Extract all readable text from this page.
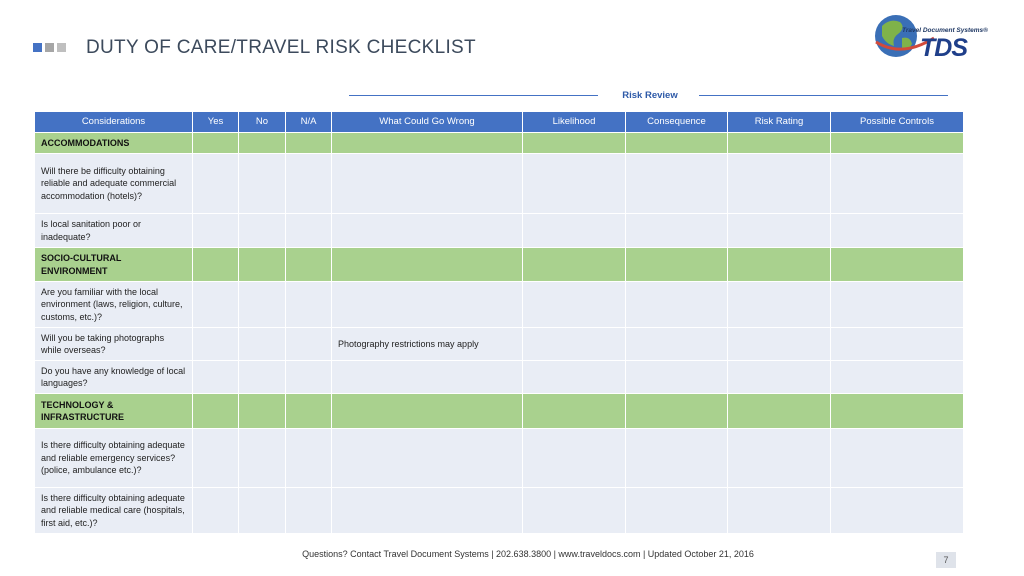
DUTY OF CARE/TRAVEL RISK CHECKLIST
Travel Document Systems®
TDS
Risk Review
Considerations	Yes	No	N/A	What Could Go Wrong	Likelihood	Consequence	Risk Rating	Possible Controls
ACCOMMODATIONS								
Will there be difficulty obtaining reliable and adequate commercial accommodation (hotels)?								
Is local sanitation poor or inadequate?								
SOCIO-CULTURAL ENVIRONMENT								
Are you familiar with the local environment (laws, religion, culture, customs, etc.)?								
Will you be taking photographs while overseas?				Photography restrictions may apply				
Do you have any knowledge of local languages?								
TECHNOLOGY & INFRASTRUCTURE								
Is there difficulty obtaining adequate and reliable emergency services? (police, ambulance etc.)?								
Is there difficulty obtaining adequate and reliable medical care (hospitals, first aid, etc.)?								
Questions? Contact Travel Document Systems | 202.638.3800 | www.traveldocs.com | Updated October 21, 2016
7
